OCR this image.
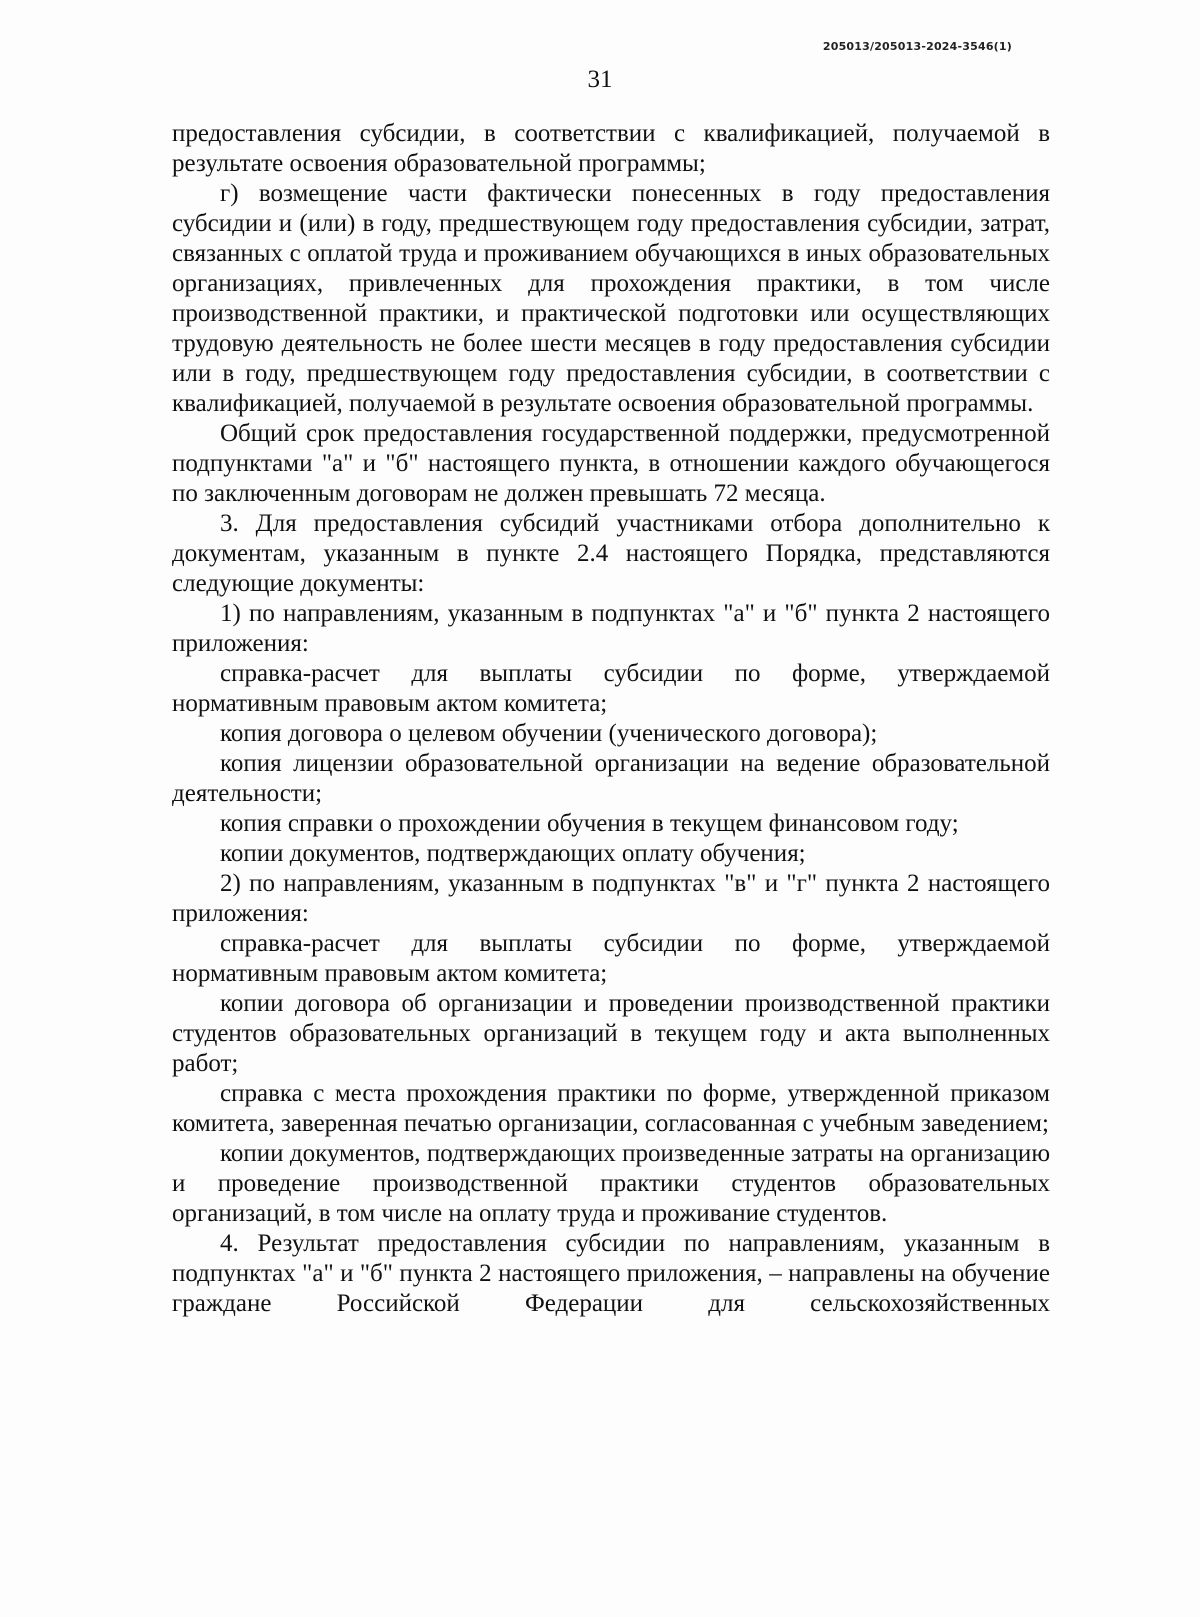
205013/205013-2024-3546(1)
31

предоставления субсидии, в соответствии с квалификацией, получаемой в результате освоения образовательной программы;

г) возмещение части фактически понесенных в году предоставления субсидии и (или) в году, предшествующем году предоставления субсидии, затрат, связанных с оплатой труда и проживанием обучающихся в иных образовательных организациях, привлеченных для прохождения практики, в том числе производственной практики, и практической подготовки или осуществляющих трудовую деятельность не более шести месяцев в году предоставления субсидии или в году, предшествующем году предоставления субсидии, в соответствии с квалификацией, получаемой в результате освоения образовательной программы.

Общий срок предоставления государственной поддержки, предусмотренной подпунктами "а" и "б" настоящего пункта, в отношении каждого обучающегося по заключенным договорам не должен превышать 72 месяца.

3. Для предоставления субсидий участниками отбора дополнительно к документам, указанным в пункте 2.4 настоящего Порядка, представляются следующие документы:

1) по направлениям, указанным в подпунктах "а" и "б" пункта 2 настоящего приложения:

справка-расчет для выплаты субсидии по форме, утверждаемой нормативным правовым актом комитета;

копия договора о целевом обучении (ученического договора);

копия лицензии образовательной организации на ведение образовательной деятельности;

копия справки о прохождении обучения в текущем финансовом году;

копии документов, подтверждающих оплату обучения;

2) по направлениям, указанным в подпунктах "в" и "г" пункта 2 настоящего приложения:

справка-расчет для выплаты субсидии по форме, утверждаемой нормативным правовым актом комитета;

копии договора об организации и проведении производственной практики студентов образовательных организаций в текущем году и акта выполненных работ;

справка с места прохождения практики по форме, утвержденной приказом комитета, заверенная печатью организации, согласованная с учебным заведением;

копии документов, подтверждающих произведенные затраты на организацию и проведение производственной практики студентов образовательных организаций, в том числе на оплату труда и проживание студентов.

4. Результат предоставления субсидии по направлениям, указанным в подпунктах "а" и "б" пункта 2 настоящего приложения, – направлены на обучение граждане Российской Федерации для сельскохозяйственных
